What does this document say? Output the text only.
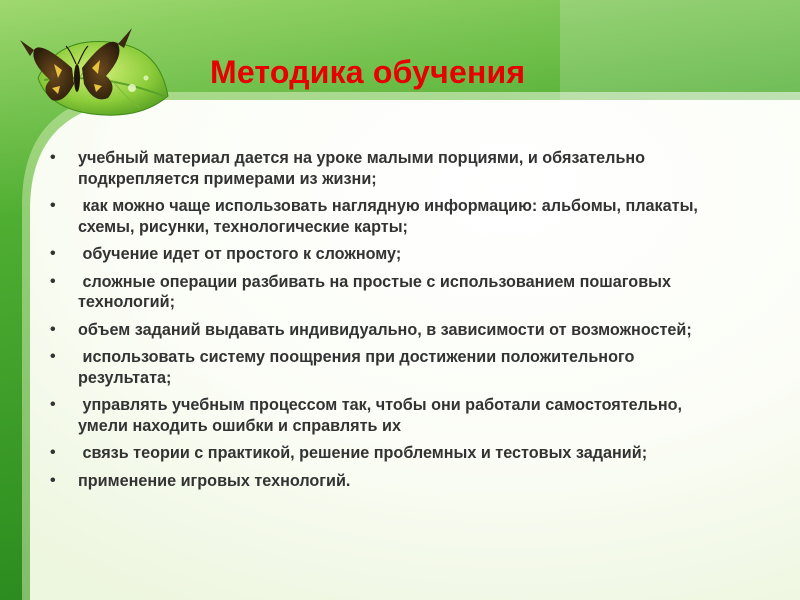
Методика обучения
• учебный материал дается на уроке малыми порциями, и обязательно подкрепляется примерами из жизни;
• как можно чаще использовать наглядную информацию: альбомы, плакаты, схемы, рисунки, технологические карты;
• обучение идет от простого к сложному;
• сложные операции разбивать на простые с использованием пошаговых технологий;
• объем заданий выдавать индивидуально, в зависимости от возможностей;
• использовать систему поощрения при достижении положительного результата;
• управлять учебным процессом так, чтобы они работали самостоятельно, умели находить ошибки и справлять их
• связь теории с практикой, решение проблемных и тестовых заданий;
• применение игровых технологий.
